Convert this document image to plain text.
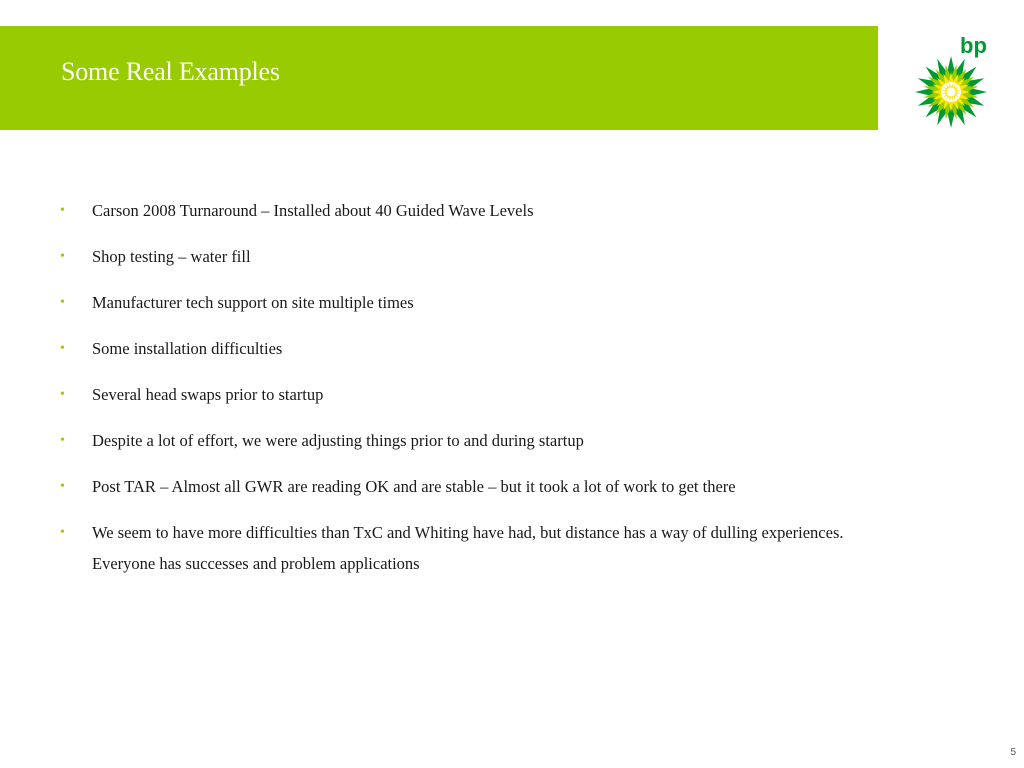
Some Real Examples
bp
• Carson 2008 Turnaround – Installed about 40 Guided Wave Levels
• Shop testing – water fill
• Manufacturer tech support on site multiple times
• Some installation difficulties
• Several head swaps prior to startup
• Despite a lot of effort, we were adjusting things prior to and during startup
• Post TAR – Almost all GWR are reading OK and are stable – but it took a lot of work to get there
• We seem to have more difficulties than TxC and Whiting have had, but distance has a way of dulling experiences. Everyone has successes and problem applications
5
